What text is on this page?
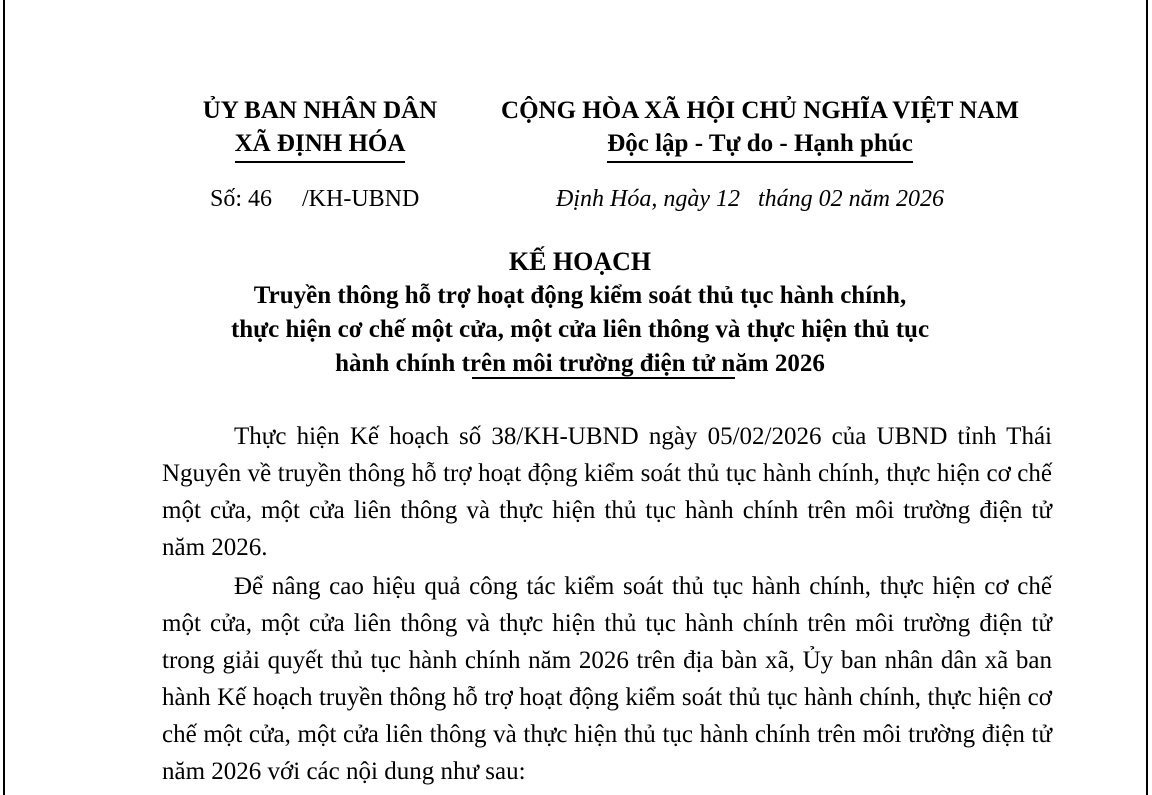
ỦY BAN NHÂN DÂN
XÃ ĐỊNH HÓA
CỘNG HÒA XÃ HỘI CHỦ NGHĨA VIỆT NAM
Độc lập - Tự do - Hạnh phúc
Số: 46     /KH-UBND	Định Hóa, ngày 12   tháng 02 năm 2026
KẾ HOẠCH
Truyền thông hỗ trợ hoạt động kiểm soát thủ tục hành chính,
thực hiện cơ chế một cửa, một cửa liên thông và thực hiện thủ tục
hành chính trên môi trường điện tử năm 2026

Thực hiện Kế hoạch số 38/KH-UBND ngày 05/02/2026 của UBND tỉnh Thái Nguyên về truyền thông hỗ trợ hoạt động kiểm soát thủ tục hành chính, thực hiện cơ chế một cửa, một cửa liên thông và thực hiện thủ tục hành chính trên môi trường điện tử năm 2026.

Để nâng cao hiệu quả công tác kiểm soát thủ tục hành chính, thực hiện cơ chế một cửa, một cửa liên thông và thực hiện thủ tục hành chính trên môi trường điện tử trong giải quyết thủ tục hành chính năm 2026 trên địa bàn xã, Ủy ban nhân dân xã ban hành Kế hoạch truyền thông hỗ trợ hoạt động kiểm soát thủ tục hành chính, thực hiện cơ chế một cửa, một cửa liên thông và thực hiện thủ tục hành chính trên môi trường điện tử năm 2026 với các nội dung như sau:
